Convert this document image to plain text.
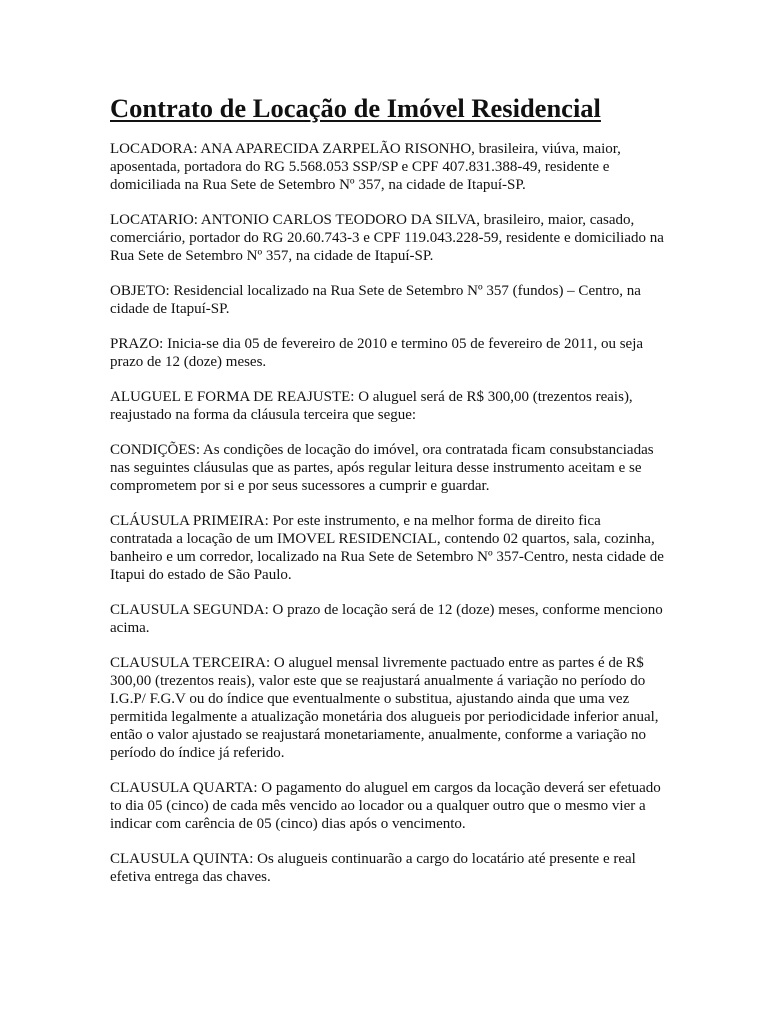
Contrato de Locação de Imóvel Residencial

LOCADORA: ANA APARECIDA ZARPELÃO RISONHO, brasileira, viúva, maior, aposentada, portadora do RG 5.568.053 SSP/SP e CPF 407.831.388-49, residente e domiciliada na Rua Sete de Setembro Nº 357, na cidade de Itapuí-SP.

LOCATARIO: ANTONIO CARLOS TEODORO DA SILVA, brasileiro, maior, casado, comerciário, portador do RG 20.60.743-3 e CPF 119.043.228-59, residente e domiciliado na Rua Sete de Setembro Nº 357, na cidade de Itapuí-SP.

OBJETO: Residencial localizado na Rua Sete de Setembro Nº 357 (fundos) – Centro, na cidade de Itapuí-SP.

PRAZO: Inicia-se dia 05 de fevereiro de 2010 e termino 05 de fevereiro de 2011, ou seja prazo de 12 (doze) meses.

ALUGUEL E FORMA DE REAJUSTE: O aluguel será de R$ 300,00 (trezentos reais), reajustado na forma da cláusula terceira que segue:

CONDIÇÕES: As condições de locação do imóvel, ora contratada ficam consubstanciadas nas seguintes cláusulas que as partes, após regular leitura desse instrumento aceitam e se comprometem por si e por seus sucessores a cumprir e guardar.

CLÁUSULA PRIMEIRA: Por este instrumento, e na melhor forma de direito fica contratada a locação de um IMOVEL RESIDENCIAL, contendo 02 quartos, sala, cozinha, banheiro e um corredor, localizado na Rua Sete de Setembro Nº 357-Centro, nesta cidade de Itapui do estado de São Paulo.

CLAUSULA SEGUNDA: O prazo de locação será de 12 (doze) meses, conforme menciono acima.

CLAUSULA TERCEIRA: O aluguel mensal livremente pactuado entre as partes é de R$ 300,00 (trezentos reais), valor este que se reajustará anualmente á variação no período do I.G.P/ F.G.V ou do índice que eventualmente o substitua, ajustando ainda que uma vez permitida legalmente a atualização monetária dos alugueis por periodicidade inferior anual, então o valor ajustado se reajustará monetariamente, anualmente, conforme a variação no período do índice já referido.

CLAUSULA QUARTA: O pagamento do aluguel em cargos da locação deverá ser efetuado to dia 05 (cinco) de cada mês vencido ao locador ou a qualquer outro que o mesmo vier a indicar com carência de 05 (cinco) dias após o vencimento.

CLAUSULA QUINTA: Os alugueis continuarão a cargo do locatário até presente e real efetiva entrega das chaves.
